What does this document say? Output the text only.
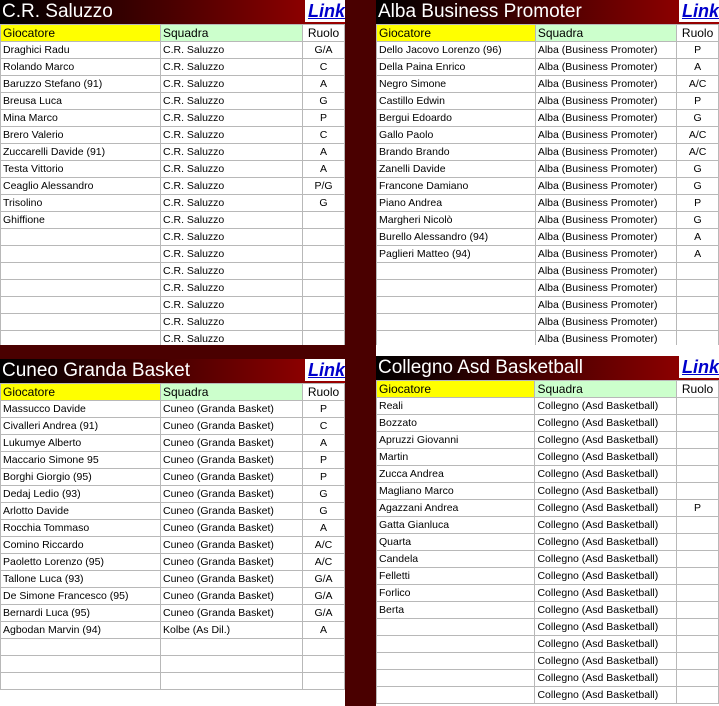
C.R. Saluzzo	Link
Giocatore	Squadra	Ruolo
Draghici Radu	C.R. Saluzzo	G/A
Rolando Marco	C.R. Saluzzo	C
Baruzzo Stefano (91)	C.R. Saluzzo	A
Breusa Luca	C.R. Saluzzo	G
Mina Marco	C.R. Saluzzo	P
Brero Valerio	C.R. Saluzzo	C
Zuccarelli Davide (91)	C.R. Saluzzo	A
Testa Vittorio	C.R. Saluzzo	A
Ceaglio Alessandro	C.R. Saluzzo	P/G
Trisolino	C.R. Saluzzo	G
Ghiffione	C.R. Saluzzo	
	C.R. Saluzzo	
	C.R. Saluzzo	
	C.R. Saluzzo	
	C.R. Saluzzo	
	C.R. Saluzzo	
	C.R. Saluzzo	
	C.R. Saluzzo	
Alba Business Promoter	Link
Giocatore	Squadra	Ruolo
Dello Jacovo Lorenzo (96)	Alba (Business Promoter)	P
Della Paina Enrico	Alba (Business Promoter)	A
Negro Simone	Alba (Business Promoter)	A/C
Castillo Edwin	Alba (Business Promoter)	P
Bergui Edoardo	Alba (Business Promoter)	G
Gallo Paolo	Alba (Business Promoter)	A/C
Brando Brando	Alba (Business Promoter)	A/C
Zanelli Davide	Alba (Business Promoter)	G
Francone Damiano	Alba (Business Promoter)	G
Piano Andrea	Alba (Business Promoter)	P
Margheri Nicolò	Alba (Business Promoter)	G
Burello Alessandro (94)	Alba (Business Promoter)	A
Paglieri Matteo (94)	Alba (Business Promoter)	A
	Alba (Business Promoter)	
	Alba (Business Promoter)	
	Alba (Business Promoter)	
	Alba (Business Promoter)	
	Alba (Business Promoter)	
Cuneo Granda Basket	Link
Giocatore	Squadra	Ruolo
Massucco Davide	Cuneo (Granda Basket)	P
Civalleri Andrea (91)	Cuneo (Granda Basket)	C
Lukumye Alberto	Cuneo (Granda Basket)	A
Maccario Simone 95	Cuneo (Granda Basket)	P
Borghi Giorgio (95)	Cuneo (Granda Basket)	P
Dedaj Ledio (93)	Cuneo (Granda Basket)	G
Arlotto Davide	Cuneo (Granda Basket)	G
Rocchia Tommaso	Cuneo (Granda Basket)	A
Comino Riccardo	Cuneo (Granda Basket)	A/C
Paoletto Lorenzo (95)	Cuneo (Granda Basket)	A/C
Tallone Luca (93)	Cuneo (Granda Basket)	G/A
De Simone Francesco (95)	Cuneo (Granda Basket)	G/A
Bernardi Luca (95)	Cuneo (Granda Basket)	G/A
Agbodan Marvin (94)	Kolbe (As Dil.)	A

Collegno Asd Basketball	Link
Giocatore	Squadra	Ruolo
Reali	Collegno (Asd Basketball)	
Bozzato	Collegno (Asd Basketball)	
Apruzzi Giovanni	Collegno (Asd Basketball)	
Martin	Collegno (Asd Basketball)	
Zucca Andrea	Collegno (Asd Basketball)	
Magliano Marco	Collegno (Asd Basketball)	
Agazzani Andrea	Collegno (Asd Basketball)	P
Gatta Gianluca	Collegno (Asd Basketball)	
Quarta	Collegno (Asd Basketball)	
Candela	Collegno (Asd Basketball)	
Felletti	Collegno (Asd Basketball)	
Forlico	Collegno (Asd Basketball)	
Berta	Collegno (Asd Basketball)	
	Collegno (Asd Basketball)	
	Collegno (Asd Basketball)	
	Collegno (Asd Basketball)	
	Collegno (Asd Basketball)	
	Collegno (Asd Basketball)	
